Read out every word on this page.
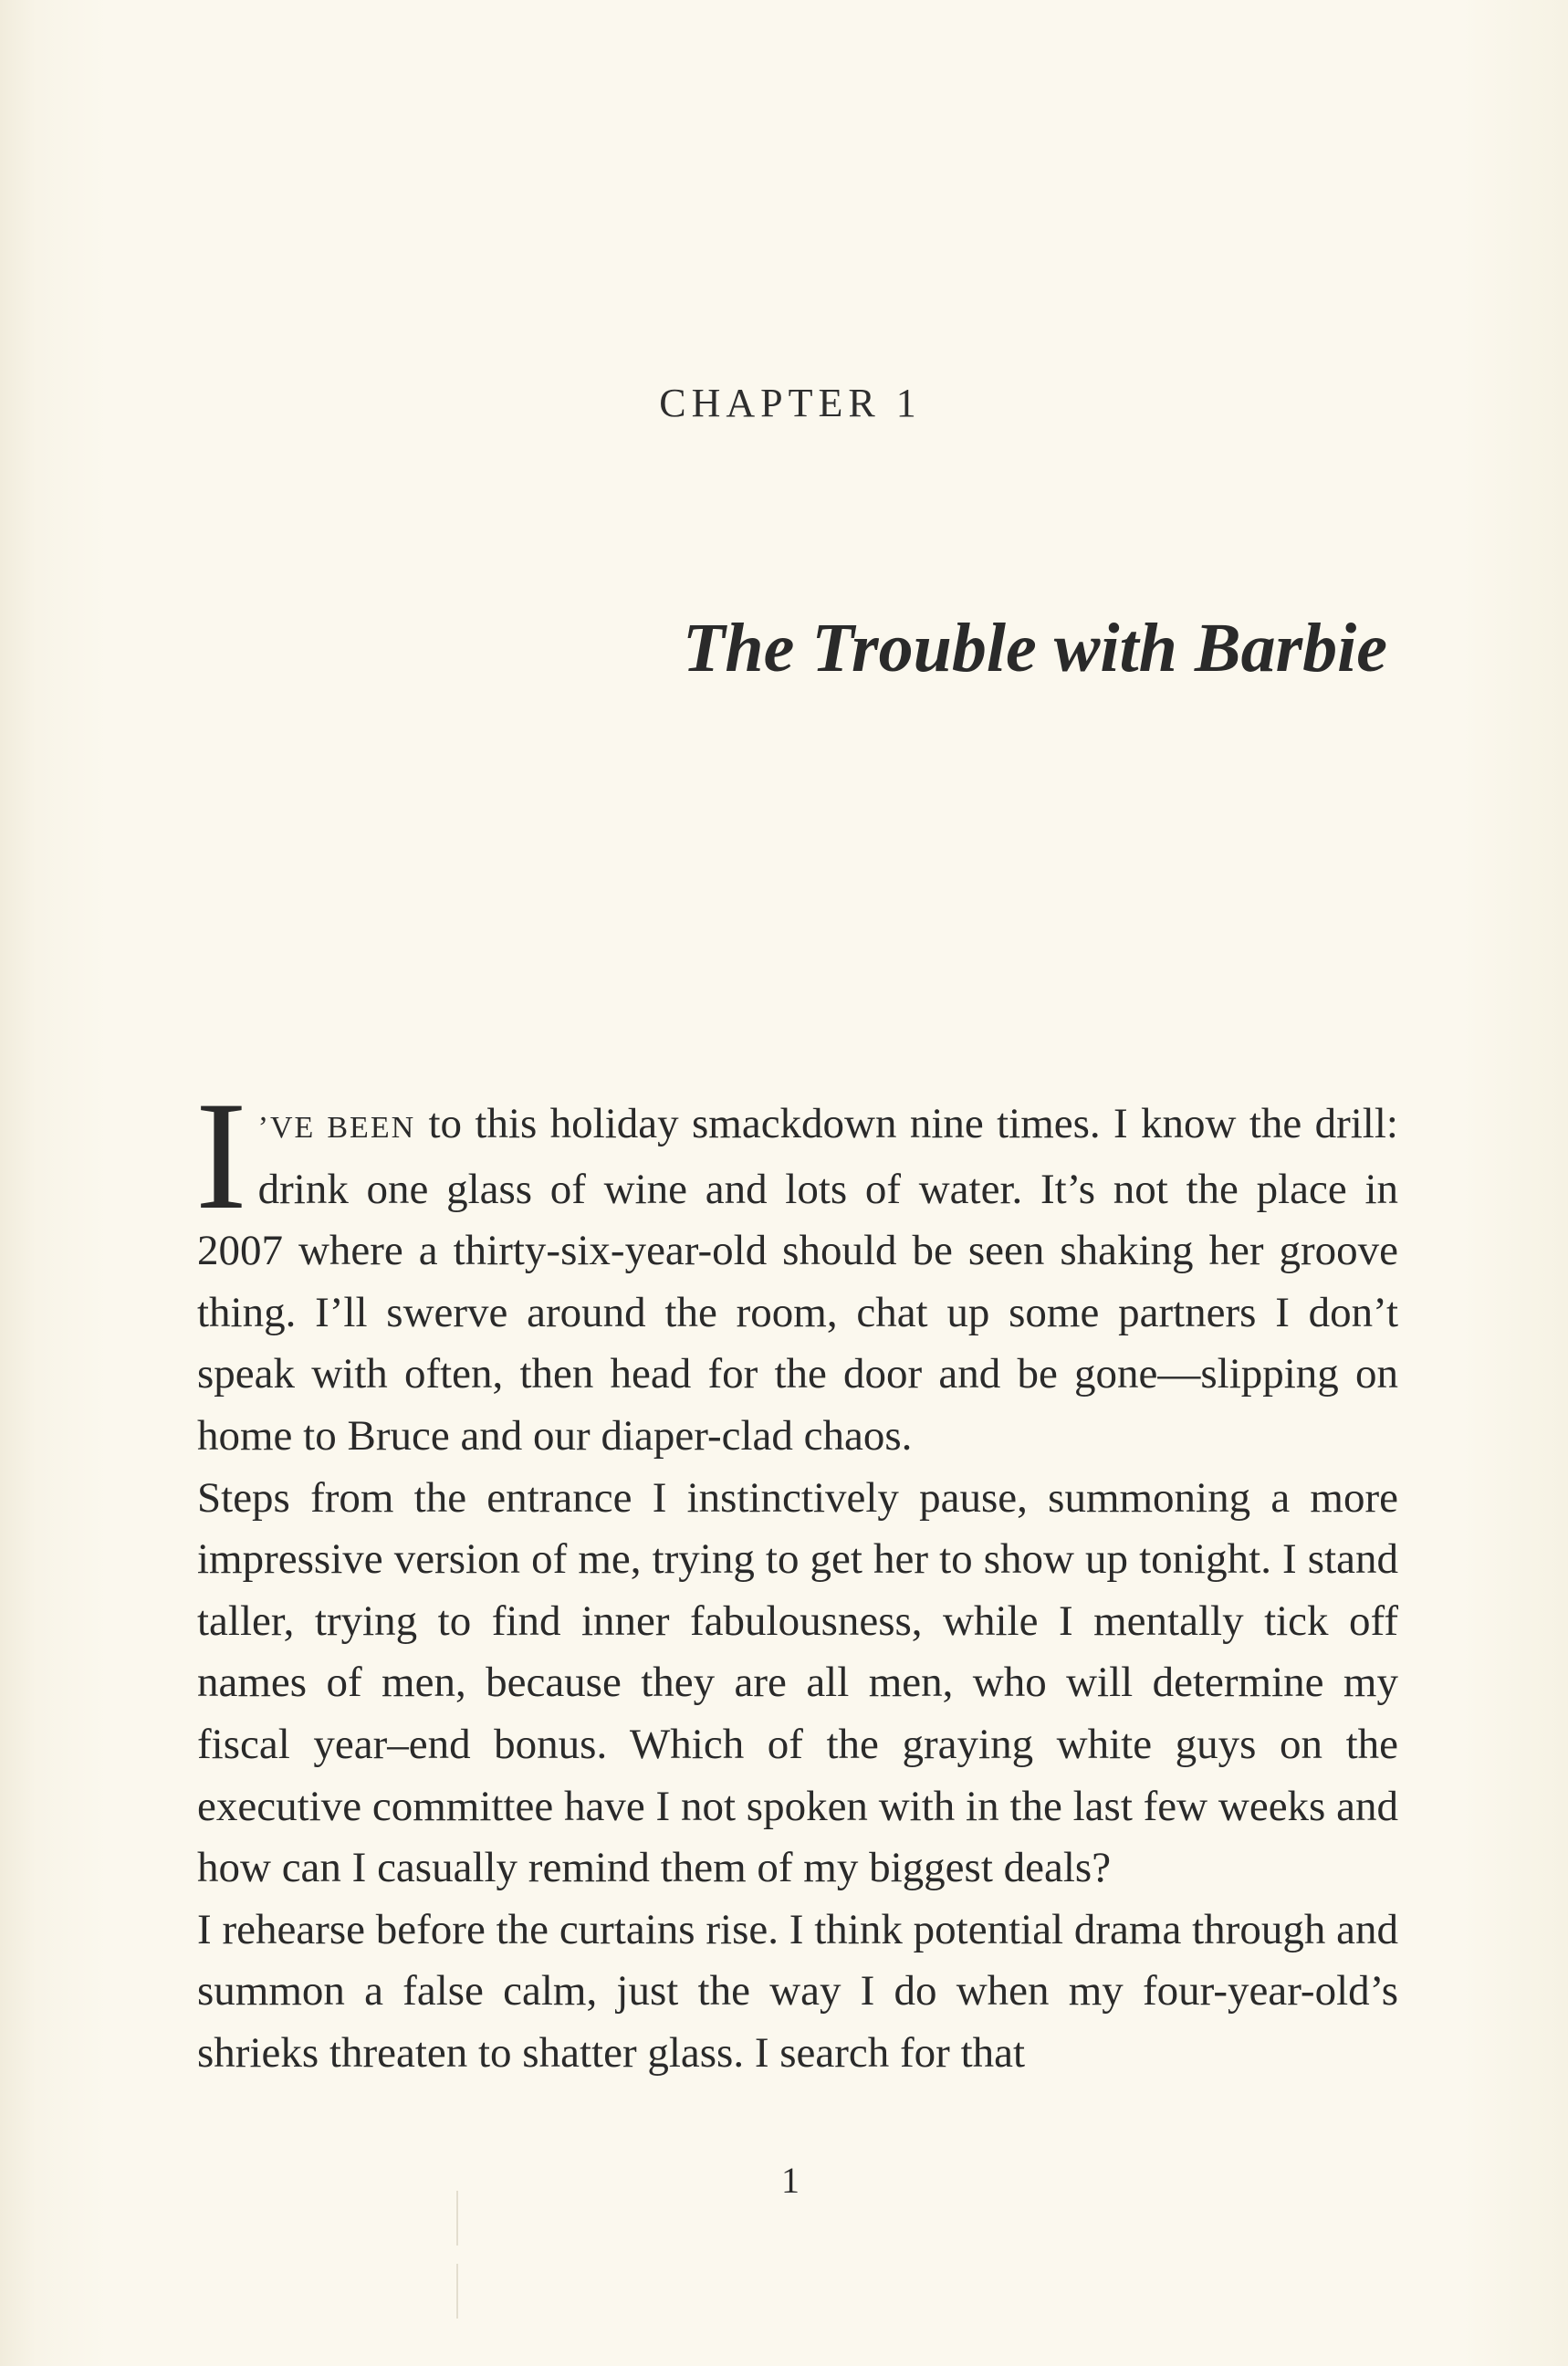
CHAPTER 1
The Trouble with Barbie

I ’VE BEEN to this holiday smackdown nine times. I know the drill: drink one glass of wine and lots of water. It’s not the place in 2007 where a thirty-six-year-old should be seen shaking her groove thing. I’ll swerve around the room, chat up some partners I don’t speak with often, then head for the door and be gone—slipping on home to Bruce and our diaper-clad chaos.

Steps from the entrance I instinctively pause, summoning a more impressive version of me, trying to get her to show up tonight. I stand taller, trying to find inner fabulousness, while I mentally tick off names of men, because they are all men, who will determine my fiscal year–end bonus. Which of the graying white guys on the executive committee have I not spoken with in the last few weeks and how can I casually remind them of my biggest deals?

I rehearse before the curtains rise. I think potential drama through and summon a false calm, just the way I do when my four-year-old’s shrieks threaten to shatter glass. I search for that

1
